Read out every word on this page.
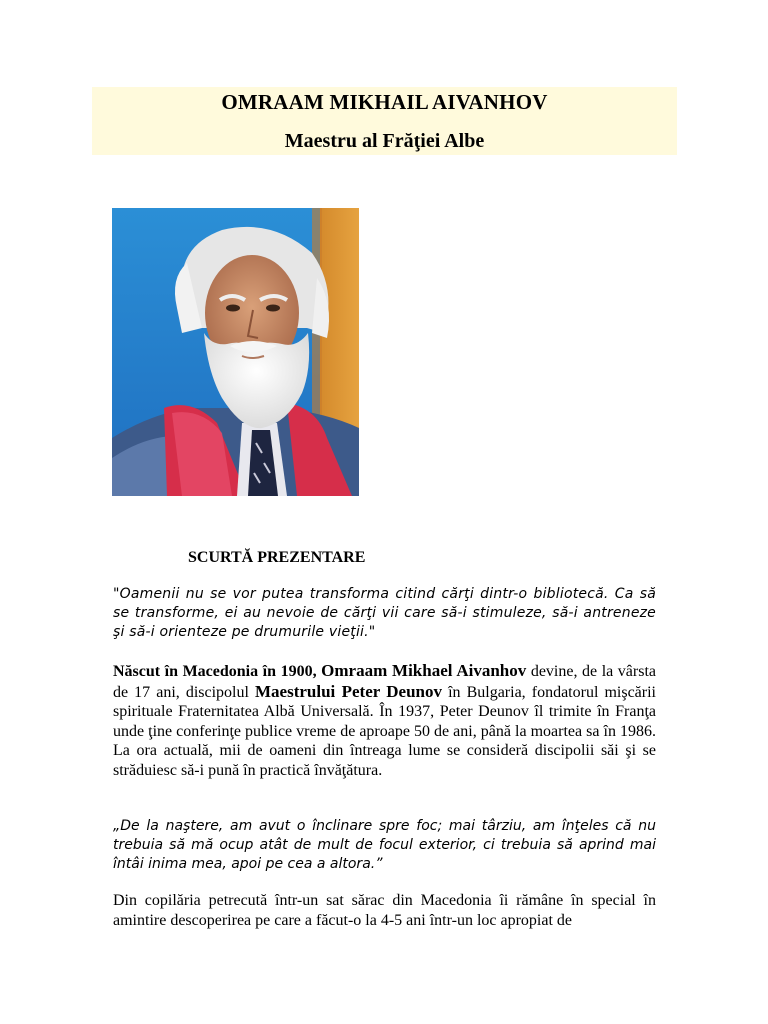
OMRAAM MIKHAIL AIVANHOV
Maestru al Frăţiei Albe
SCURTĂ PREZENTARE
"Oamenii nu se vor putea transforma citind cărţi dintr-o bibliotecă. Ca să se transforme, ei au nevoie de cărţi vii care să-i stimuleze, să-i antreneze şi să-i orienteze pe drumurile vieţii."
Născut în Macedonia în 1900, Omraam Mikhael Aivanhov devine, de la vârsta de 17 ani, discipolul Maestrului Peter Deunov în Bulgaria, fondatorul mişcării spirituale Fraternitatea Albă Universală. În 1937, Peter Deunov îl trimite în Franţa unde ţine conferinţe publice vreme de aproape 50 de ani, până la moartea sa în 1986. La ora actuală, mii de oameni din întreaga lume se consideră discipolii săi şi se străduiesc să-i pună în practică învăţătura.
„De la naştere, am avut o înclinare spre foc; mai târziu, am înţeles că nu trebuia să mă ocup atât de mult de focul exterior, ci trebuia să aprind mai întâi inima mea, apoi pe cea a altora.”
Din copilăria petrecută într-un sat sărac din Macedonia îi rămâne în special în amintire descoperirea pe care a făcut-o la 4-5 ani într-un loc apropiat de
